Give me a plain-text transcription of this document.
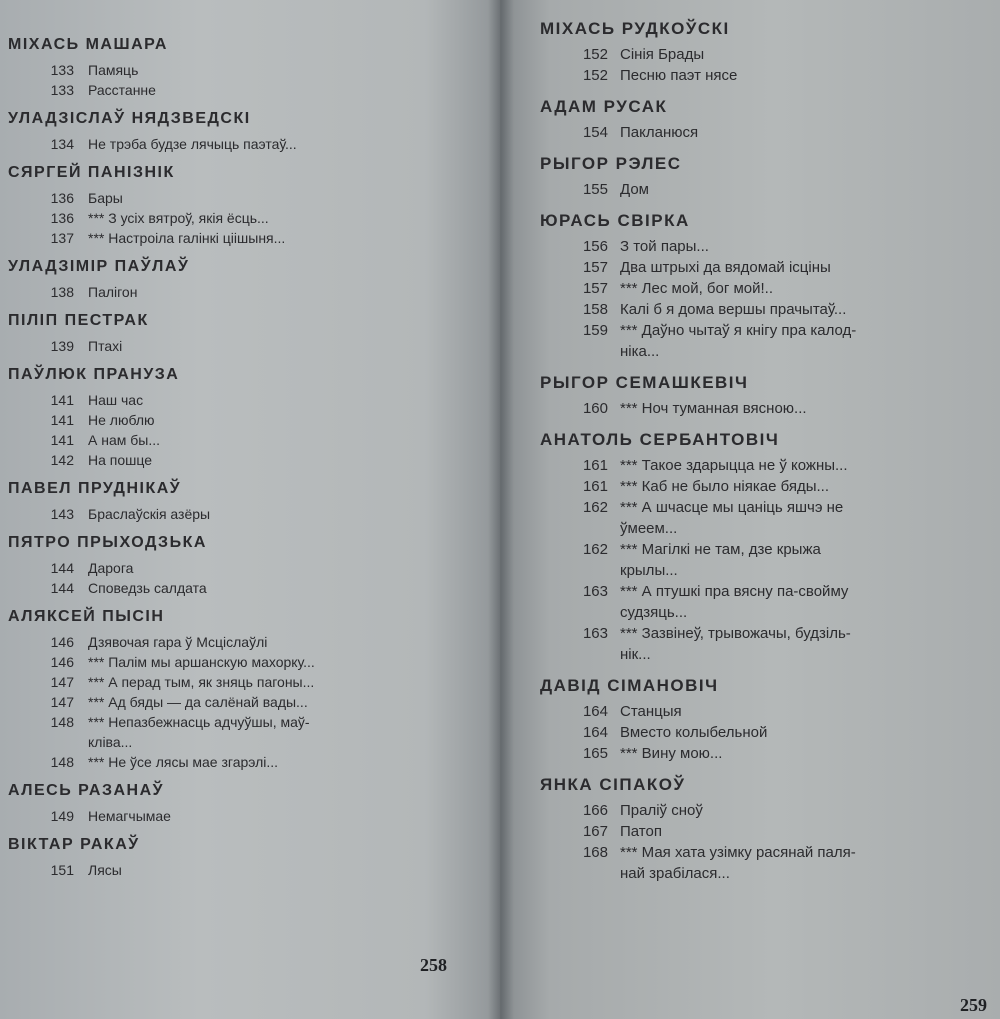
МІХАСЬ МАШАРА
133	Памяць
133	Расстанне
УЛАДЗІСЛАЎ НЯДЗВЕДСКІ
134	Не трэба будзе лячыць паэтаў...
СЯРГЕЙ ПАНІЗНІК
136	Бары
136	*** З усіх вятроў, якія ёсць...
137	*** Настроіла галінкі ціішыня...
УЛАДЗІМІР ПАЎЛАЎ
138	Палігон
ПІЛІП ПЕСТРАК
139	Птахі
ПАЎЛЮК ПРАНУЗА
141	Наш час
141	Не люблю
141	А нам бы...
142	На пошце
ПАВЕЛ ПРУДНІКАЎ
143	Браслаўскія азёры
ПЯТРО ПРЫХОДЗЬКА
144	Дарога
144	Споведзь салдата
АЛЯКСЕЙ ПЫСІН
146	Дзявочая гара ў Мсціслаўлі
146	*** Палім мы аршанскую махорку...
147	*** А перад тым, як зняць пагоны...
147	*** Ад бяды — да салёнай вады...
148	*** Непазбежнасць адчуўшы, маў-
кліва...
148	*** Не ўсе лясы мае згарэлі...
АЛЕСЬ РАЗАНАЎ
149	Немагчымае
ВІКТАР РАКАЎ
151	Лясы
258
МІХАСЬ РУДКОЎСКІ
152 Сінія Брады
152 Песню паэт нясе
АДАМ РУСАК
154 Пакланюся
РЫГОР РЭЛЕС
155 Дом
ЮРАСЬ СВІРКА
156 З той пары...
157 Два штрыхі да вядомай ісціны
157 *** Лес мой, бог мой!..
158 Калі б я дома вершы прачытаў...
159 *** Даўно чытаў я кнігу пра калод-
ніка...
РЫГОР СЕМАШКЕВІЧ
160 *** Ноч туманная вясною...
АНАТОЛЬ СЕРБАНТОВІЧ
161 *** Такое здарыцца не ў кожны...
161 *** Каб не было ніякае бяды...
162 *** А шчасце мы цаніць яшчэ не
ўмеем...
162 *** Магілкі не там, дзе крыжа
крылы...
163 *** А птушкі пра вясну па-свойму
судзяць...
163 *** Зазвінеў, трывожачы, будзіль-
нік...
ДАВІД СІМАНОВІЧ
164 Станцыя
164 Вместо колыбельной
165 *** Вину мою...
ЯНКА СІПАКОЎ
166 Праліў сноў
167 Патоп
168 *** Мая хата узімку расянай паля-
най зрабілася...
259
